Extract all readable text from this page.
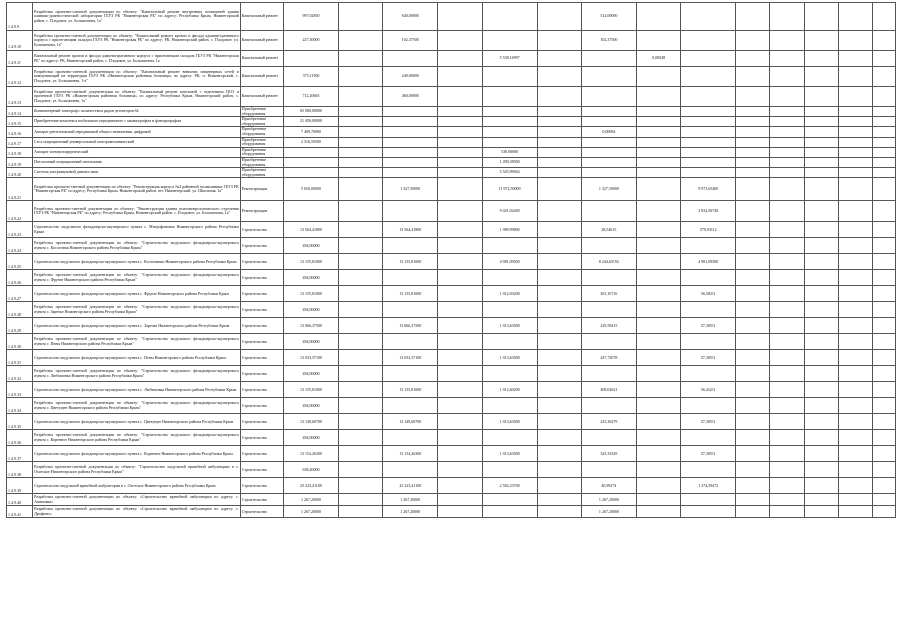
1.4.9.9	Разработка проектно-сметной документации по объекту: "Капитальный ремонт внутренних помещений здания клинико-диагностической лаборатории ГБУЗ РК "Нижнегорская РБ" по адресу: Республика Крым, Нижнегорский район, с. Плодовое, ул. Большичева, 1а"	Капитальный ремонт	997,02850		640,00000				512,00000							
1.4.9.10	Разработка проектно-сметной документации по объекту: "Капитальный ремонт кровли и фасада административного корпуса с прилегающим складом ГБУЗ РК "Нижнегорская РБ" по адресу: РК, Нижнегорский район, с. Плодовое, ул. Большичева, 1а"	Капитальный ремонт	227,30000		102,37500				102,37500							
1.4.9.11	Капитальный ремонт кровли и фасада административного корпуса с прилегающим складом ГБУЗ РК "Нижнегорская РБ" по адресу: РК, Нижнегорский район, с. Плодовое, ул. Большичева, 1а	Капитальный ремонт					5 538,16997			0,00048						
1.4.9.12	Разработка проектно-сметной документации по объекту: "Капитальный ремонт внешних инженерных сетей и коммуникаций на территории ГБУЗ РК «Нижнегорская районная больница» по адресу: РК, п. Нижнегорский, с. Плодовое, ул. Большичева, 1-а"	Капитальный ремонт	375,11500		240,00000											
1.4.9.13	Разработка проектно-сметной документации по объекту: "Капитальный ремонт котельной с отделением ЦСО и прачечной ГБУЗ РК «Нижнегорская районная больница» по адресу: Республика Крым, Нижнегорский район, с. Плодовое, ул. Большичева, 1а"	Капитальный ремонт	712,20665		460,00000											
1.4.9.14	Компьютерный томограф с количеством рядов детекторов 64	Приобретение оборудования	65 000,00000													
1.4.9.15	Приобретение комплекса мобильного передвижного с маммографом и флюорографом	Приобретение оборудования	21 450,00000													
1.4.9.16	Аппарат рентгеновский передвижной общего назначения, цифровой	Приобретение оборудования	7 409,76900						0,00084							
1.4.9.17	Стол операционный универсальный электромеханический	Приобретение оборудования	2 316,59300													
1.4.9.18	Аппарат электрохирургический	Приобретение оборудования					530,00000									
1.4.9.19	Потолочный операционный светильник	Приобретение оборудования					1 490,38500									
1.4.9.20	Система ультразвуковой диагностики	Приобретение оборудования					5 545,99044									
1.4.9.21	Разработка проектно-сметной документации по объекту: "Реконструкция корпуса №2 районной поликлиники ГБУЗ РК "Нижнегорская РБ" по адресу: Республика Крым, Нижнегорский район, пгт. Нижнегорский, ул. Школьная, 1а"	Реконструкция	5 650,00000		1 327,50000		11 972,50000		1 327,50000		9 973,65400					
1.4.9.22	Разработка проектно-сметной документации по объекту: "Реконструкция здания психоневрологического отделения ГБУЗ РК "Нижнегорская РБ" по адресу: Республика Крым, Нижнегорский район, с. Плодовое, ул. Большичева, 1а"	Реконструкция					9 441,02400				2 832,56740					
1.4.9.23	Строительство модульного фельдшерско-акушерского пункта с. Митрофановка Нижнегорского района Республики Крым	Строительство	13 564,41800		13 564,41800		1 989,99800		28,54615		579,93112					
1.4.9.24	Разработка проектно-сметной документации по объекту: "Строительство модульного фельдшерско-акушерского пункта с. Кослочная Нижнегорского района Республики Крым"	Строительство	494,00000													
1.4.9.25	Строительство модульного фельдшерско-акушерского пункта с. Косточинки Нижнегорского района Республики Крым	Строительство	13 155,81000		13 155,81000		4 981,09500		8 244,65192		4 981,09500					
1.4.9.26	Разработка проектно-сметной документации по объекту: "Строительство модульного фельдшерско-акушерского пункта с. Фрунзе Нижнегорского района Республики Крым"	Строительство	494,00000													
1.4.9.27	Строительство модульного фельдшерско-акушерского пункта с. Фрунзе Нижнегорского района Республики Крым	Строительство	13 155,81000		13 155,81000		1 012,03200		301,10716		56,58211					
1.4.9.28	Разработка проектно-сметной документации по объекту: "Строительство модульного фельдшерско-акушерского пункта с. Заречье Нижнегорского района Республики Крым"	Строительство	494,00000													
1.4.9.29	Строительство модульного фельдшерско-акушерского пункта с. Заречье Нижнегорского района Республики Крым	Строительство	13 066,37500		13 066,37500		1 013,63500		229,59415		57,30511					
1.4.9.30	Разработка проектно-сметной документации по объекту: "Строительство модульного фельдшерско-акушерского пункта с. Пены Нижнегорского района Республики Крым"	Строительство	494,00000													
1.4.9.31	Строительство модульного фельдшерско-акушерского пункта с. Пены Нижнегорского района Республики Крым	Строительство	13 033,37100		13 033,37100		1 013,63500		247,72078		57,30511					
1.4.9.32	Разработка проектно-сметной документации по объекту: "Строительство модульного фельдшерско-акушерского пункта с. Любимовка Нижнегорского района Республики Крым"	Строительство	494,00000													
1.4.9.33	Строительство модульного фельдшерско-акушерского пункта с. Любимовка Нижнегорского района Республики Крым	Строительство	13 155,81000		13 155,81000		1 012,60200		409,02621		56,43211					
1.4.9.34	Разработка проектно-сметной документации по объекту: "Строительство модульного фельдшерско-акушерского пункта с. Цветущее Нижнегорского района Республики Крым"	Строительство	494,00000													
1.4.9.35	Строительство модульного фельдшерско-акушерского пункта с. Цветущее Нижнегорского района Республики Крым	Строительство	13 149,60700		13 149,60700		1 013,63500		225,30279		57,30511					
1.4.9.36	Разработка проектно-сметной документации по объекту: "Строительство модульного фельдшерско-акушерского пункта с. Коренное Нижнегорского района Республики Крым"	Строительство	494,00000													
1.4.9.37	Строительство модульного фельдшерско-акушерского пункта с. Коренное Нижнегорского района Республики Крым	Строительство	13 154,26300		13 154,26300		1 013,63500		325,33329		57,30511					
1.4.9.38	Разработка проектно-сметной документации по объекту: "Строительство модульной врачебной амбулатории в с. Охотское Нижнегорского района Республики Крым"	Строительство	638,40000													
1.4.9.39	Строительство модульной врачебной амбулатории в с. Охотское Нижнегорского района Республики Крым	Строительство	25 223,41100		25 223,41100		2 582,23700		40,99274		1 274,59472					
1.4.9.40	Разработка проектно-сметной документации по объекту: «Строительство врачебной амбулатории по адресу: с. Акимовка»	Строительство	1 267,20000		1 267,20000				1 267,20000							
1.4.9.41	Разработка проектно-сметной документации по объекту: «Строительство врачебной амбулатории по адресу: с. Дрофино»	Строительство	1 267,20000		1 267,20000				1 267,20000							
